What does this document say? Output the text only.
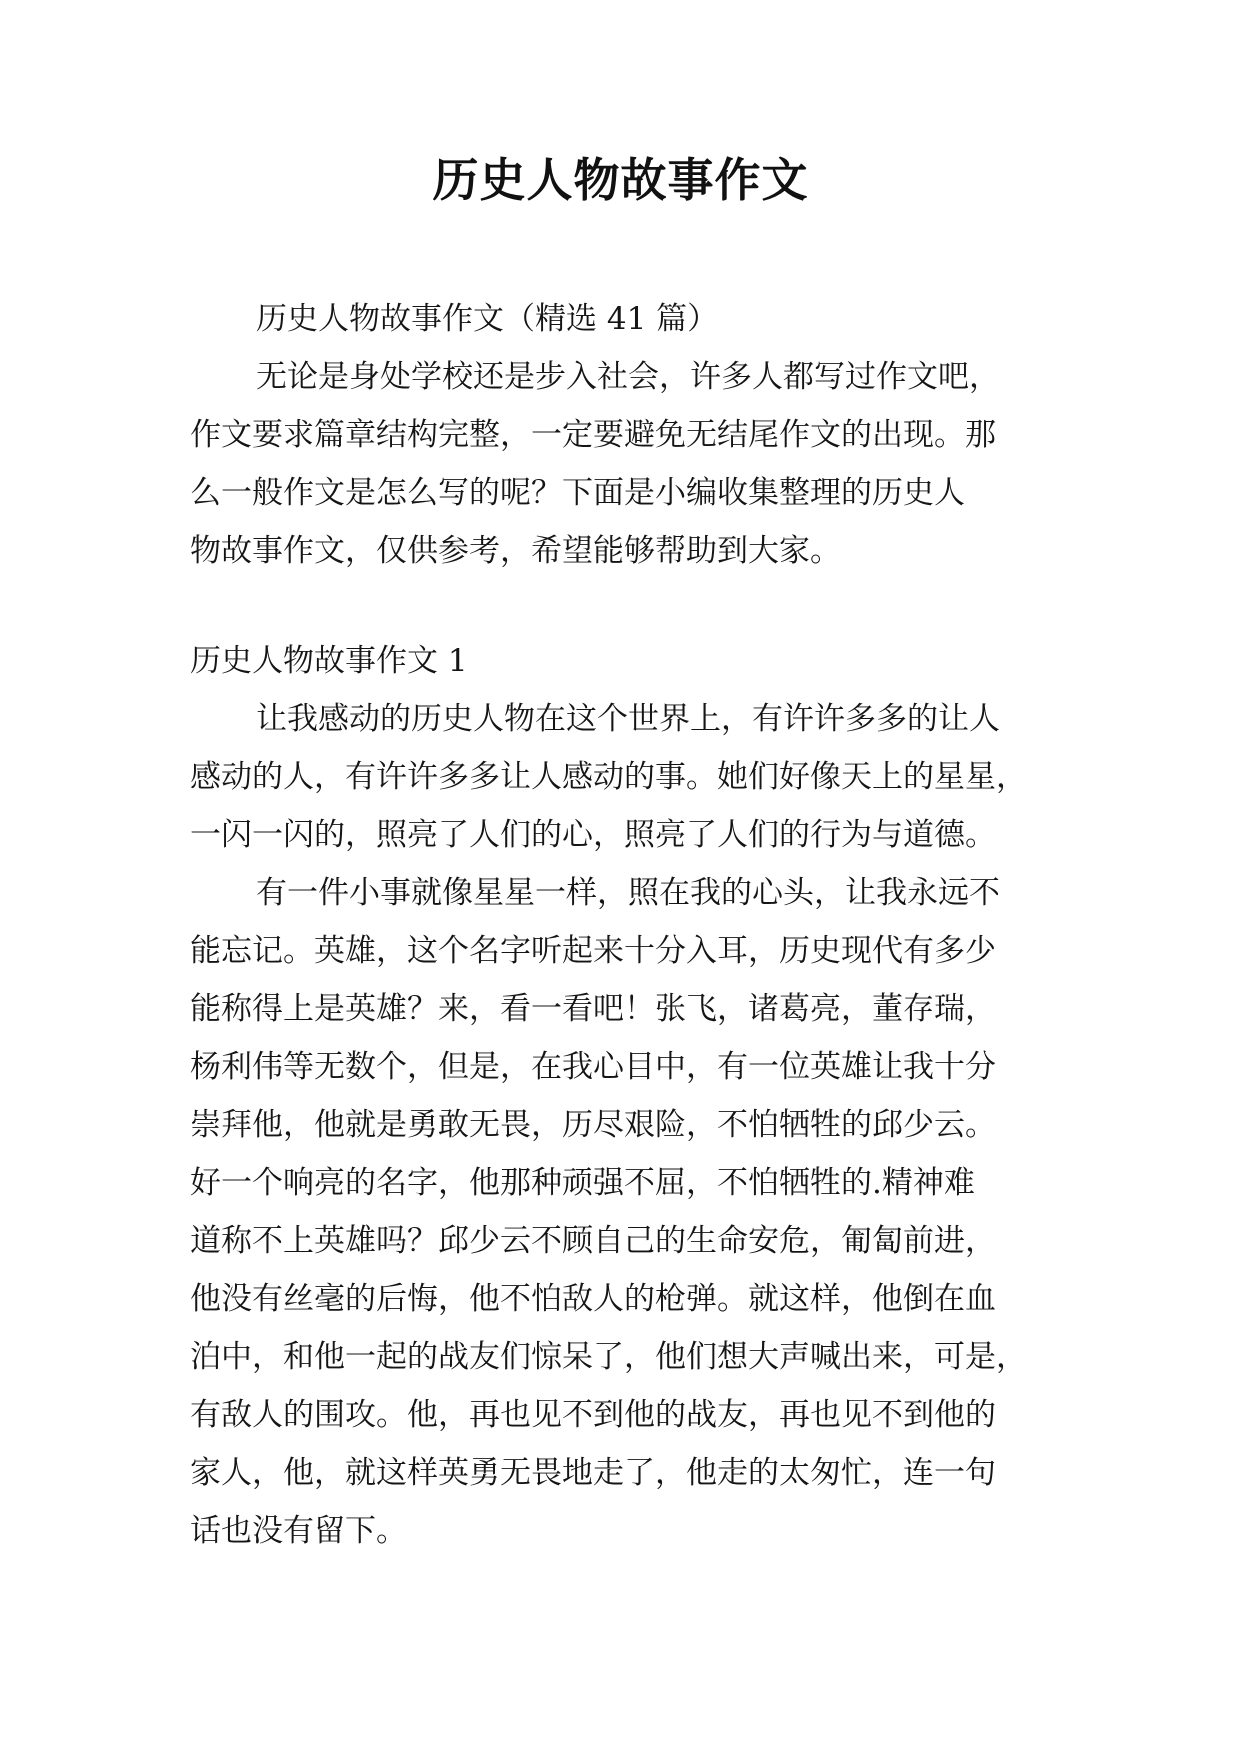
历史人物故事作文
历史人物故事作文（精选 41 篇）
无论是身处学校还是步入社会，许多人都写过作文吧，
作文要求篇章结构完整，一定要避免无结尾作文的出现。那
么一般作文是怎么写的呢？下面是小编收集整理的历史人
物故事作文，仅供参考，希望能够帮助到大家。
历史人物故事作文 1
让我感动的历史人物在这个世界上，有许许多多的让人
感动的人，有许许多多让人感动的事。她们好像天上的星星，
一闪一闪的，照亮了人们的心，照亮了人们的行为与道德。
有一件小事就像星星一样，照在我的心头，让我永远不
能忘记。英雄，这个名字听起来十分入耳，历史现代有多少
能称得上是英雄？来，看一看吧！张飞，诸葛亮，董存瑞，
杨利伟等无数个，但是，在我心目中，有一位英雄让我十分
崇拜他，他就是勇敢无畏，历尽艰险，不怕牺牲的邱少云。
好一个响亮的名字，他那种顽强不屈，不怕牺牲的.精神难
道称不上英雄吗？邱少云不顾自己的生命安危，匍匐前进，
他没有丝毫的后悔，他不怕敌人的枪弹。就这样，他倒在血
泊中，和他一起的战友们惊呆了，他们想大声喊出来，可是，
有敌人的围攻。他，再也见不到他的战友，再也见不到他的
家人，他，就这样英勇无畏地走了，他走的太匆忙，连一句
话也没有留下。
